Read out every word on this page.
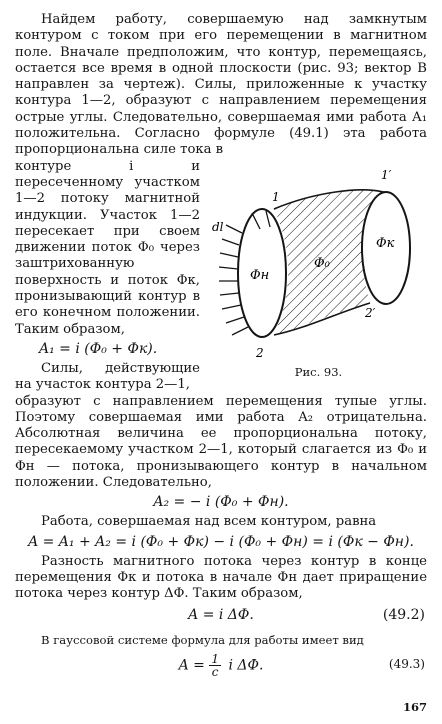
Найдем работу, совершаемую над замкнутым контуром с током при его перемещении в магнитном поле. Вначале предположим, что контур, перемещаясь, остается все время в одной плоскости (рис. 93; вектор B направлен за чертеж). Силы, приложенные к участку контура 1—2, образуют с направлением перемещения острые углы. Следовательно, совершаемая ими работа A₁ положительна. Согласно формуле (49.1) эта работа пропорциональна силе тока в

контуре i и пересеченному участком 1—2 потоку магнитной индукции. Участок 1—2 пересекает при своем движении поток Φ₀ через заштрихованную поверхность и поток Φк, пронизывающий контур в его конечном положении. Таким образом,

A₁ = i (Φ₀ + Φк).

Силы, действующие на участок контура 2—1,

1′
2′
1
2
dl
Φн
Φ₀
Φк
Рис. 93.

образуют с направлением перемещения тупые углы. Поэтому совершаемая ими работа A₂ отрицательна. Абсолютная величина ее пропорциональна потоку, пересекаемому участком 2—1, который слагается из Φ₀ и Φн — потока, пронизывающего контур в начальном положении. Следовательно,

A₂ = − i (Φ₀ + Φн).

Работа, совершаемая над всем контуром, равна

A = A₁ + A₂ = i (Φ₀ + Φк) − i (Φ₀ + Φн) = i (Φк − Φн).

Разность магнитного потока через контур в конце перемещения Φк и потока в начале Φн дает приращение потока через контур ΔΦ. Таким образом,

A = i ΔΦ.	(49.2)

В гауссовой системе формула для работы имеет вид

$A = \frac{1}{c}$ i ΔΦ.	(49.3)
167
